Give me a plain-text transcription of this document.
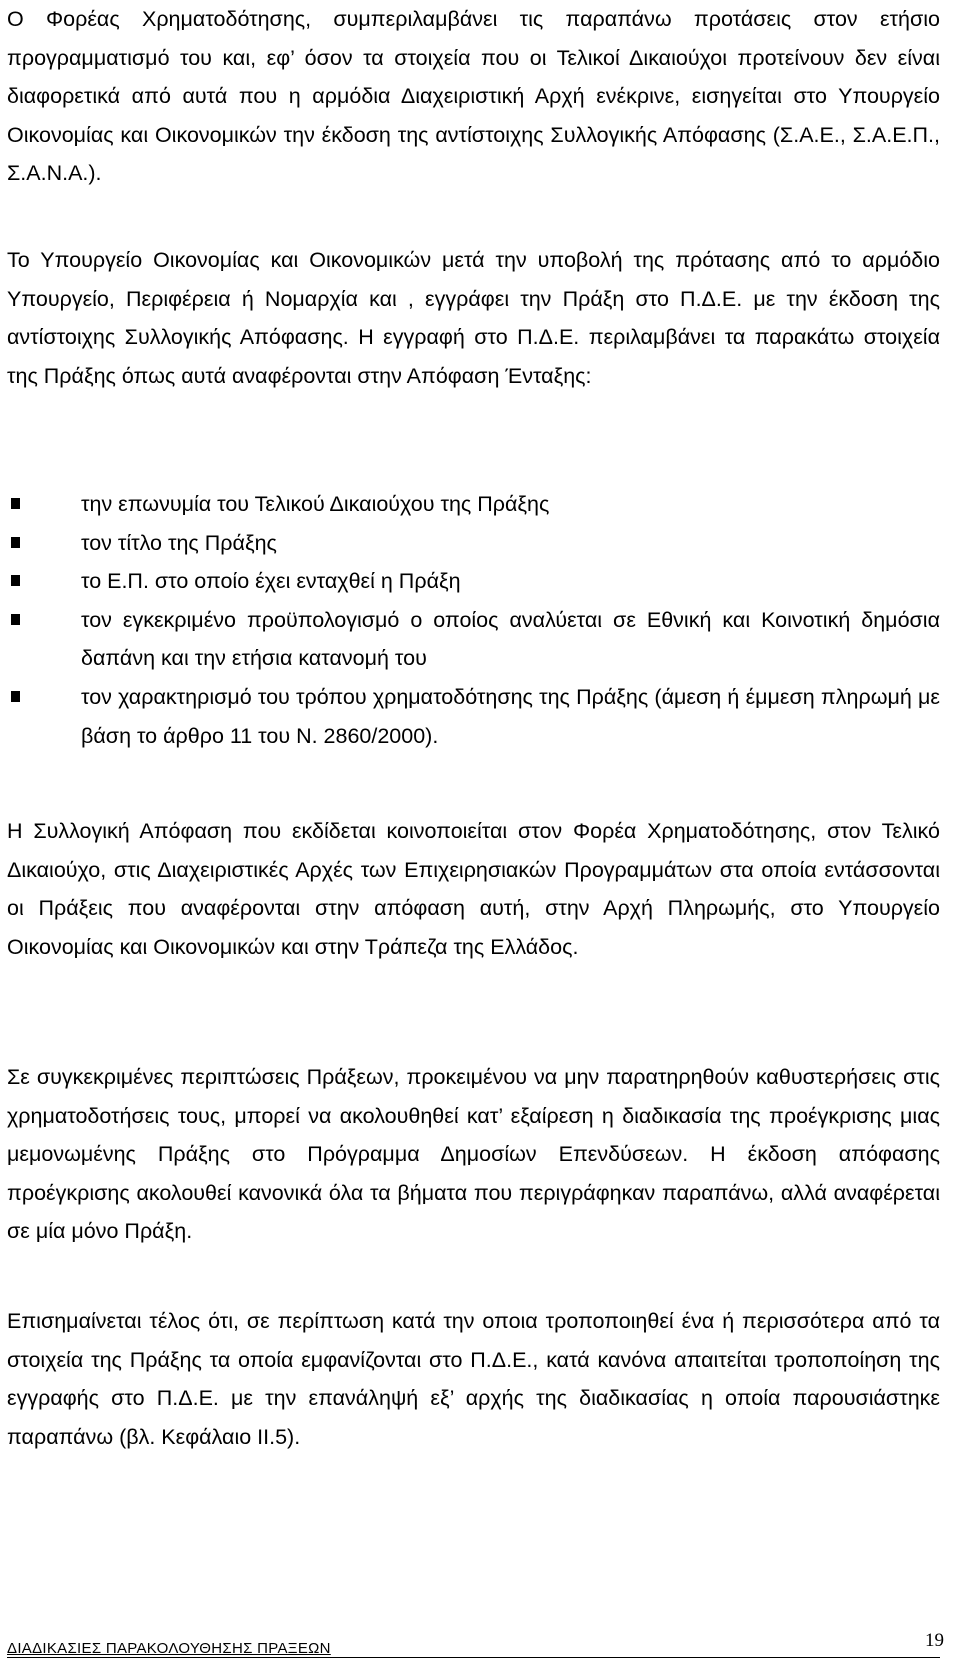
Ο Φορέας Χρηματοδότησης, συμπεριλαμβάνει τις παραπάνω προτάσεις στον ετήσιο προγραμματισμό του και, εφ’ όσον τα στοιχεία που οι Τελικοί Δικαιούχοι προτείνουν δεν είναι διαφορετικά από αυτά που η αρμόδια Διαχειριστική Αρχή ενέκρινε, εισηγείται στο Υπουργείο Οικονομίας και Οικονομικών την έκδοση της αντίστοιχης Συλλογικής Απόφασης (Σ.Α.Ε., Σ.Α.Ε.Π., Σ.Α.Ν.Α.).

Το Υπουργείο Οικονομίας και Οικονομικών μετά την υποβολή της πρότασης από το αρμόδιο Υπουργείο, Περιφέρεια ή Νομαρχία και , εγγράφει την Πράξη στο Π.Δ.Ε. με την έκδοση της αντίστοιχης Συλλογικής Απόφασης. Η εγγραφή στο Π.Δ.Ε. περιλαμβάνει τα παρακάτω στοιχεία της Πράξης όπως αυτά αναφέρονται στην Απόφαση Ένταξης:

την επωνυμία του Τελικού Δικαιούχου της Πράξης
τον τίτλο της Πράξης
το Ε.Π. στο οποίο έχει ενταχθεί η Πράξη
τον εγκεκριμένο προϋπολογισμό ο οποίος αναλύεται σε Εθνική και Κοινοτική δημόσια δαπάνη και την ετήσια κατανομή του
τον χαρακτηρισμό του τρόπου χρηματοδότησης της Πράξης (άμεση ή έμμεση πληρωμή με βάση το άρθρο 11 του Ν. 2860/2000).

Η Συλλογική Απόφαση που εκδίδεται κοινοποιείται στον Φορέα Χρηματοδότησης, στον Τελικό Δικαιούχο, στις Διαχειριστικές Αρχές των Επιχειρησιακών Προγραμμάτων στα οποία εντάσσονται οι Πράξεις που αναφέρονται στην απόφαση αυτή, στην Αρχή Πληρωμής, στο Υπουργείο Οικονομίας και Οικονομικών και στην Τράπεζα της Ελλάδος.

Σε συγκεκριμένες περιπτώσεις Πράξεων, προκειμένου να μην παρατηρηθούν καθυστερήσεις στις χρηματοδοτήσεις τους, μπορεί να ακολουθηθεί κατ’ εξαίρεση η διαδικασία της προέγκρισης μιας μεμονωμένης Πράξης στο Πρόγραμμα Δημοσίων Επενδύσεων. Η έκδοση απόφασης προέγκρισης ακολουθεί κανονικά όλα τα βήματα που περιγράφηκαν παραπάνω, αλλά αναφέρεται σε μία μόνο Πράξη.

Επισημαίνεται τέλος ότι, σε περίπτωση κατά την οποια τροποποιηθεί ένα ή περισσότερα από τα στοιχεία της Πράξης τα οποία εμφανίζονται στο Π.Δ.Ε., κατά κανόνα απαιτείται τροποποίηση της εγγραφής στο Π.Δ.Ε. με την επανάληψή εξ’ αρχής της διαδικασίας η οποία παρουσιάστηκε παραπάνω (βλ. Κεφάλαιο ΙΙ.5).

ΔΙΑΔΙΚΑΣΙΕΣ ΠΑΡΑΚΟΛΟΥΘΗΣΗΣ ΠΡΑΞΕΩΝ	19
